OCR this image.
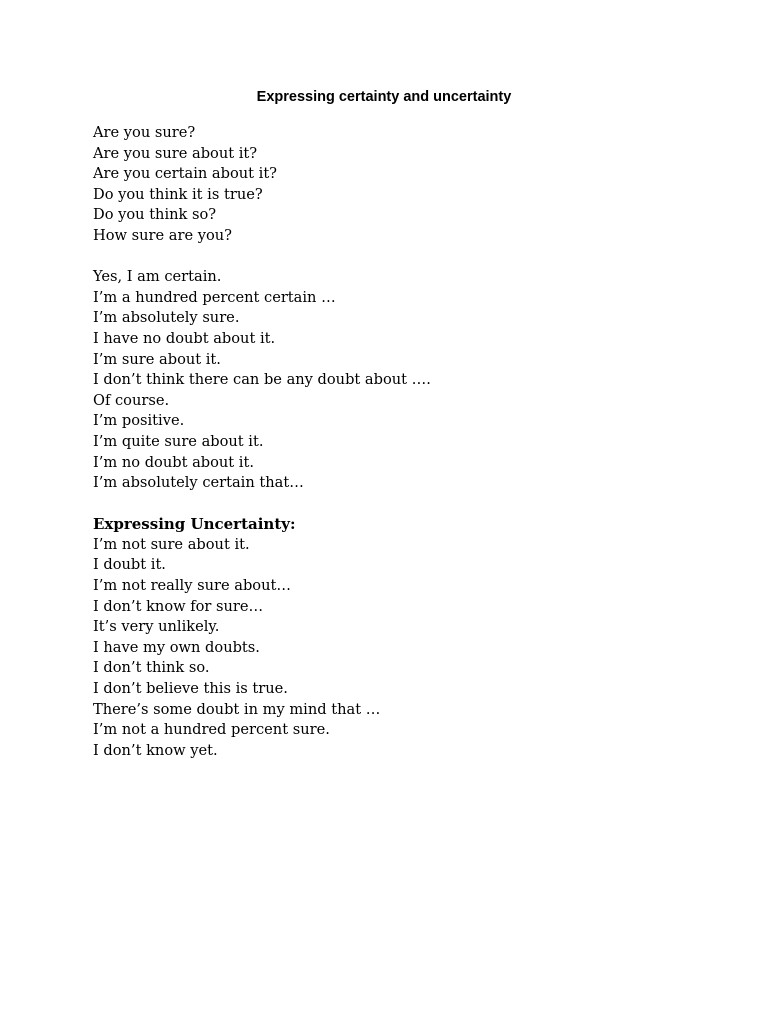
Expressing certainty and uncertainty
Are you sure?
Are you sure about it?
Are you certain about it?
Do you think it is true?
Do you think so?
How sure are you?
Yes, I am certain.
I’m a hundred percent certain …
I’m absolutely sure.
I have no doubt about it.
I’m sure about it.
I don’t think there can be any doubt about ….
Of course.
I’m positive.
I’m quite sure about it.
I’m no doubt about it.
I’m absolutely certain that…
Expressing Uncertainty:
I’m not sure about it.
I doubt it.
I’m not really sure about…
I don’t know for sure…
It’s very unlikely.
I have my own doubts.
I don’t think so.
I don’t believe this is true.
There’s some doubt in my mind that …
I’m not a hundred percent sure.
I don’t know yet.
